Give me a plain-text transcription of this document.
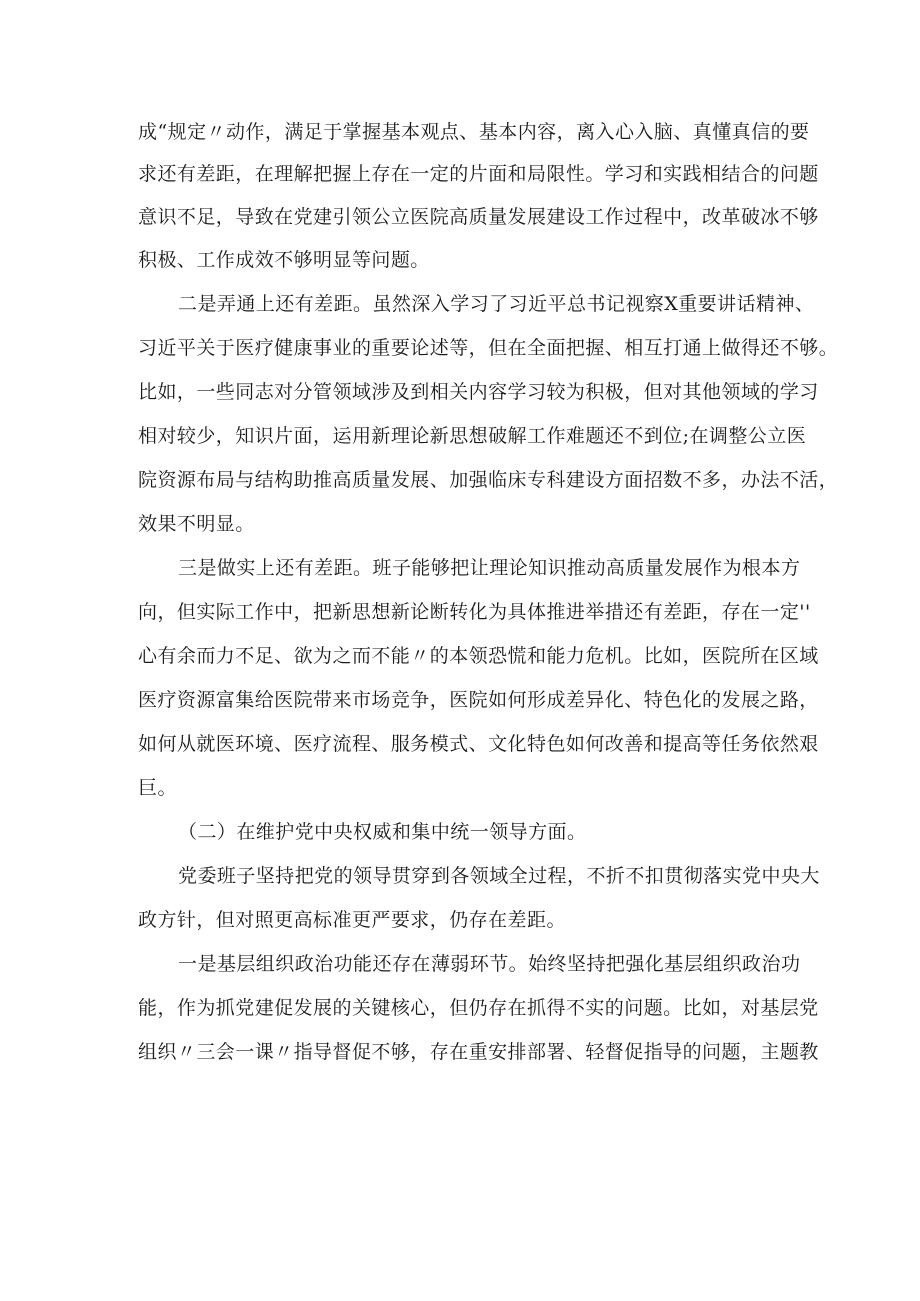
成“规定〃动作，满足于掌握基本观点、基本内容，离入心入脑、真懂真信的要
求还有差距，在理解把握上存在一定的片面和局限性。学习和实践相结合的问题
意识不足，导致在党建引领公立医院高质量发展建设工作过程中，改革破冰不够
积极、工作成效不够明显等问题。
二是弄通上还有差距。虽然深入学习了习近平总书记视察X重要讲话精神、
习近平关于医疗健康事业的重要论述等，但在全面把握、相互打通上做得还不够。
比如，一些同志对分管领域涉及到相关内容学习较为积极，但对其他领域的学习
相对较少，知识片面，运用新理论新思想破解工作难题还不到位;在调整公立医
院资源布局与结构助推高质量发展、加强临床专科建设方面招数不多，办法不活，
效果不明显。
三是做实上还有差距。班子能够把让理论知识推动高质量发展作为根本方
向，但实际工作中，把新思想新论断转化为具体推进举措还有差距，存在一定''
心有余而力不足、欲为之而不能〃的本领恐慌和能力危机。比如，医院所在区域
医疗资源富集给医院带来市场竞争，医院如何形成差异化、特色化的发展之路，
如何从就医环境、医疗流程、服务模式、文化特色如何改善和提高等任务依然艰
巨。
（二）在维护党中央权威和集中统一领导方面。
党委班子坚持把党的领导贯穿到各领域全过程，不折不扣贯彻落实党中央大
政方针，但对照更高标准更严要求，仍存在差距。
一是基层组织政治功能还存在薄弱环节。始终坚持把强化基层组织政治功
能，作为抓党建促发展的关键核心，但仍存在抓得不实的问题。比如，对基层党
组织〃三会一课〃指导督促不够，存在重安排部署、轻督促指导的问题，主题教
